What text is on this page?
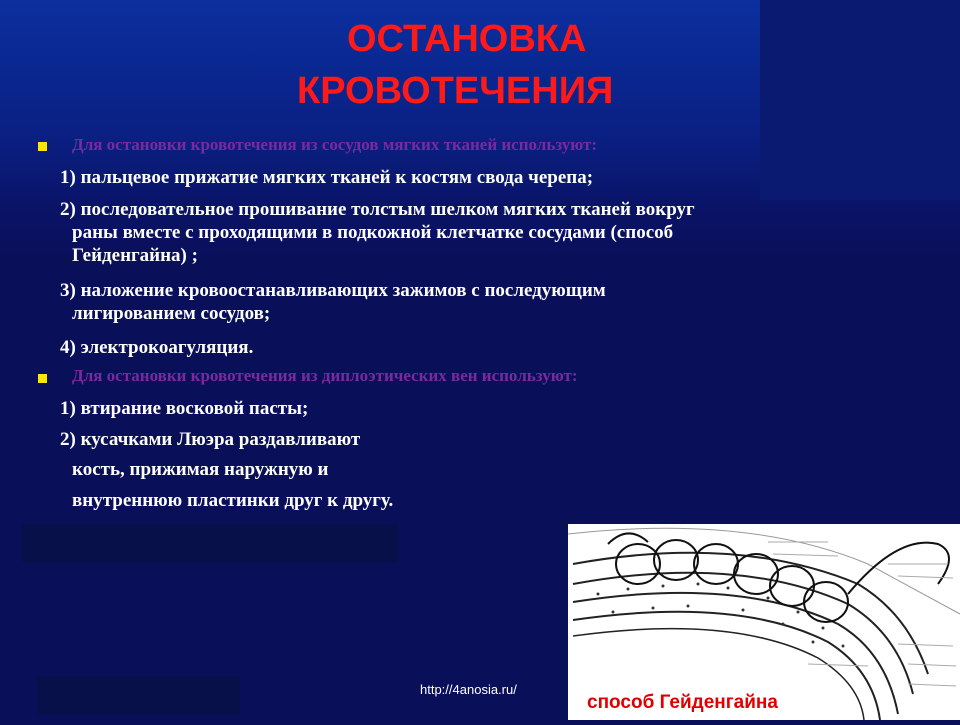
ОСТАНОВКА
КРОВОТЕЧЕНИЯ
Для остановки кровотечения из сосудов мягких тканей используют:
1) пальцевое прижатие мягких тканей к костям свода черепа;
2) последовательное прошивание толстым шелком мягких тканей вокруг
раны вместе с проходящими в подкожной клетчатке сосудами (способ
Гейденгайна) ;
3) наложение кровоостанавливающих зажимов с последующим
лигированием сосудов;
4) электрокоагуляция.
Для остановки кровотечения из диплоэтических вен используют:
1) втирание восковой пасты;
2) кусачками Люэра раздавливают
кость, прижимая наружную и
внутреннюю пластинки друг к другу.
http://4anosia.ru/
способ Гейденгайна
